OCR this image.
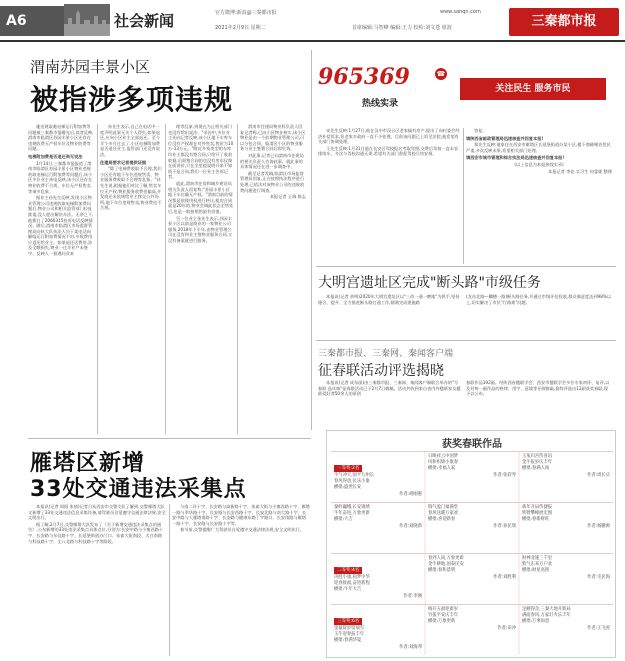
A6	社会新闻	官方微博:新浪@三秦都市报
2021年2月9日 星期二
www.sanqn.com
首席编辑:马智峰 编辑:王力 校检:刘文苍 席波	三秦都市报
渭南苏园丰景小区
被指涉多项违规

驰送规取驰电梯运行附加费等问题被三秦都市报曝光后,读者反映,渭南市临渭区苏园丰景小区还存在违规收费无产权车位及物业收费等问题。

电梯附加费是否退还尚无说法

1月14日,三秦都市报报道了渭南市临渭区苏园丰景小区物业违规收取电梯运行附加费等问题后,该小区多位业主来电反映,该小区还存在物业收费不合规、车位无产权售卖等诸多乱象。

据业主孙先生反映,发现小区物业管理公司违规收取电梯附加费问题后,物业公司和相关监管部门拉扯推诿,没人愿出解决办法。无奈之下,他拨打了2060315投诉电话反映情况。随后,渭南市临渭区市场监督管理局向执大队执法人员于某电话向解临运行附加费情况不对,多收费用应返还给业主。如果退还话费用,涉及全额损失,物业一过半业户未签字。反映人一督遇问业来

孙先生表示,自己在电话中一度声明此事无关个人得失,如果退还,应向小区业主全部退还。至今半个多月过去了,小区电梯附加费是否退还业主,监管部门还没有说法。

住建局要求记者提供证据

"除了电梯费收取不合理,我们小区还有地下车位违规售卖、物业服务费收取不合理等乱象。"孙先生说,根据他们对比了解,售卖车位无产权,物业服务收费也偏高,开发商还未依规给业主移交公共场所,地下车位违规售卖,物业费也不合规。

理等乱象,到现在为止相关部门也没有给出说法。"采访中,多位业主还向记者反映,该小区地下车库车位没有产权却在对外售卖,售价为10万-13万元。"附近多家类型的车库均业主都没有签合同,只给开了收款收据,后面签合同的也没有房东仪课在面讲价,只在坐里提说明开来不知情不是合同,我们一位业主告诉记者。

就此,渭南市住房和城乡建设局相关负责人回复称:"苏园丰景小区地下车位确无产权。"渭南目前的情况都是依使用权进行转让,租房合同就是20年的,物业会调此状态至售处后,也是一般按照的最有价值。

另一位业主张先生表示,苏园丰景小区以前是商业的一家物业公司服务,2018年下半年,由物业管理公司在没有和业主签物业服务合同,又没有备案就进行服务。

渭南市住建局物业科负责人回复记者称,已向小区物业核实,该小区物业是由一个前期物业管理公司,可以分包合同。临渭区小区的物业服务与业主签署合同后即生效。

对此事,记者已向渭南市住建局的相关负责人咨询此事。就此事的具体情况还在进一步调查中。

截至记者发稿,临渭区市场监督管理局回复,正在按照执法程序进行处理,已依法对该物业公司的违规收费问题进行调查。

本报记者 王瑞 陈志

965369	☎
热线实录
关注民生 服务市民

宋先生反映:1月27日,他在汉中市汉台区老家搞有房产,提出了向村委会经济补偿诉求,但老家乡政府一直不予处理。目前该问题已上诉至法院,他希望有关部门协调处理。

王先生反映:1月31日他在长安区驾校报名考取驾照,交费后驾校一直未安排练车。多次与驾校沟通无果,希望有关部门督促驾校尽快安排。

答复。

请陕西省邮政管理局迅速核查并回复本报!

郑先生反映:他家住在西安市雁塔区长延堡街道办某小区,楼下商铺噪音扰民严重,多次反映未果,希望相关部门处理。

请西安市城市管理和综合执法局迅速核查并回复本报!

(以上信息为本报热线实录)

本报记者 李佳 实习生 何睿妮 整理

大明宫遗址区完成"断头路"市级任务

本报讯(记者 余明)2020年大明宫遗址区以"三改一通一磨地"为抓手,坚持缝合、提升、全力推进断头路打通工作,圆满完成建施路

(龙首北路—麟德一路)断头路任务,并通过市级评估验收,群众满意度达到98%以上,切实解决了市民"行路难"问题。

三秦都市报、三秦网、秦闻客户端
征春联活动评选揭晓

本报讯(记者 成东丽)由三秦都市报、三秦网、秦闻客户端联合举办的"写春联 品年味"征春联活动已于2月7日截稿。活动共收到来自省内外楹联家及楹联爱好者50余人的原创

春联作品192副。经陕西省楹联学会、西安市楹联学会多位专家初评、复评,以及对每一副作品的格律、用字、意境等仔细推敲,最终评选出12副获奖春联,现予以公布。

雁塔区新增
33处交通违法采集点

本报讯(记者 周阳 朱倩)记者日从西安市交警支队了解到,交警雁塔大队又新增了33处交通违法信息采集设备,请驾驶员自觉遵守交通法律法规,安全文明出行。

据了解,2月7日,交警雁塔大队发布了《关于新增交通违法采集点的通告》,公布新增的33处违法采集点具体点位,分别为:长安中路与小寨西路十字、长安路与东仪路十字、长延堡街道办门口、朱雀大街南段、太白南路与科技路十字、丈八北路与科技路十字等路段。

与南二环十字、长安路与高新路十字、朱雀大街与小寨西路十字、雁塔一路与翠华路十字、长安路与长安西路十字、长安北路与南大路十字、长安中路与大雁塔南路十字、长安路与健康东路丁字路口、长安南路与雁塔一路十字、长安路与长安路十字等。

春节前,交警提醒广大驾驶员自觉遵守交通法律法规,安全文明出行。

获奖春联作品
一等奖:2名
牛气冲天,国平九州长
春风得意,民乐小康
横批:盛世长安
作者:胡刚惠
日映祥云中国梦
风和织锦小康春
横批:幸福人家
作者:张彩琴
玉兔归宫传喜讯
金牛报岁庆丰年
横批:春满人间
作者:周长庆
秦岭巍峨,长安锦绣
牛年奋进,万象更新
横批:大吉
作者:刘晓新
瑞气盈门福满堂
春风送暖万家欢
横批:喜迎新春
作者:孙民瑞
犇年开局传捷报
铁臂攀峰展宏图
横批:春新财旺
作者:杨鹏帅
二等奖:4名
决胜小康,圆梦中华
迎春接福,奋进新程
横批:牛年大吉
作者:李刚
春到人间,万象更新
金牛耕地,国泰民安
横批:春和景明
作者:刘胜利
财神北施三千里
紫气东来万户欢
横批:财星高照
作者:毛民海
三等奖:6名
金鼠辞岁留瑞雪
玉牛迎春报丰年
横批:春满华夏
作者:刘海邦
梅开五福迎新岁
竹报平安庆丰年
横批:万象更新
作者:田冲
足额得舍,三秦大地开新局
满面春风,万家灯火乐丰年
横批:万事如意
作者:王飞虎
